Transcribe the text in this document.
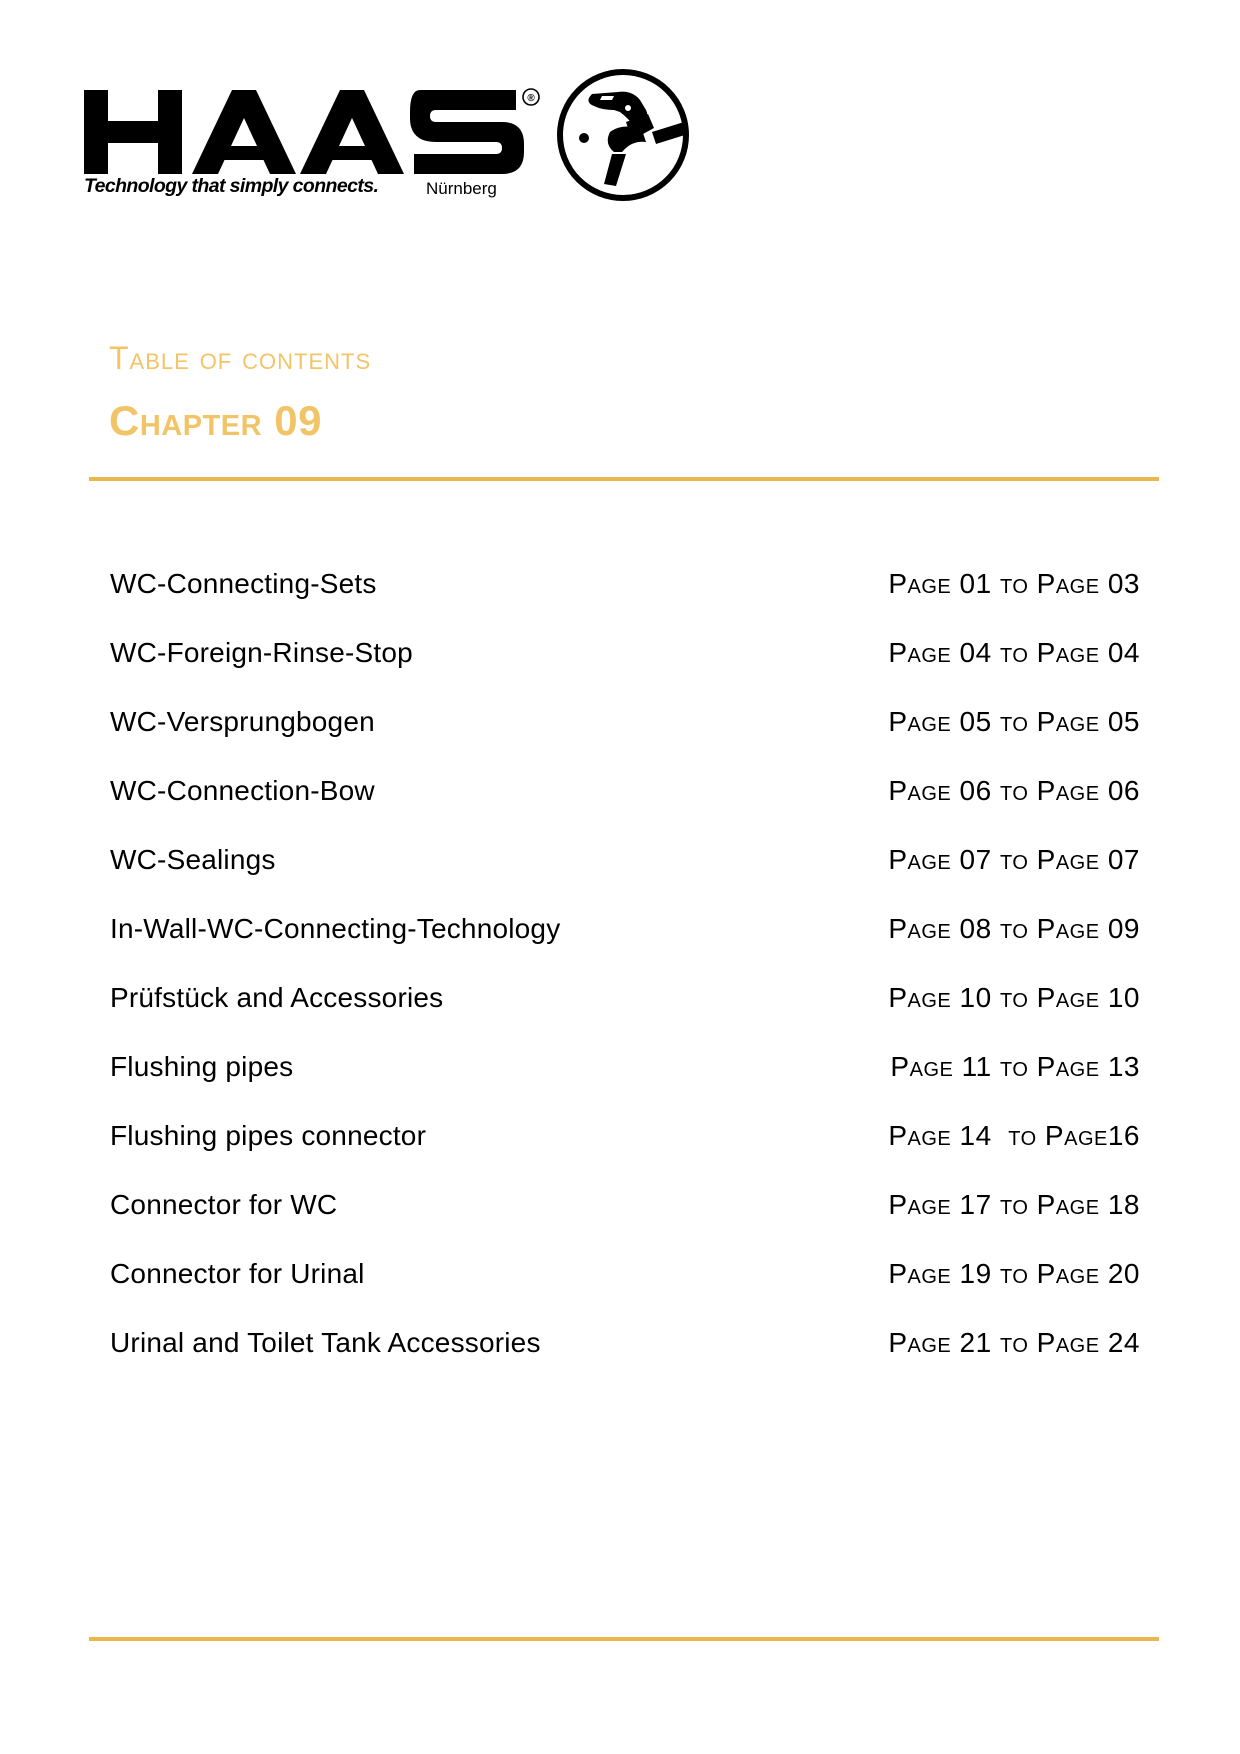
®
Technology that simply connects.	Nürnberg

Table of contents

Chapter 09

WC-Connecting-Sets	Page 01 to Page 03
WC-Foreign-Rinse-Stop	Page 04 to Page 04
WC-Versprungbogen	Page 05 to Page 05
WC-Connection-Bow	Page 06 to Page 06
WC-Sealings	Page 07 to Page 07
In-Wall-WC-Connecting-Technology	Page 08 to Page 09
Prüfstück and Accessories	Page 10 to Page 10
Flushing pipes	Page 11 to Page 13
Flushing pipes connector	Page 14  to Page16
Connector for WC	Page 17 to Page 18
Connector for Urinal	Page 19 to Page 20
Urinal and Toilet Tank Accessories	Page 21 to Page 24
